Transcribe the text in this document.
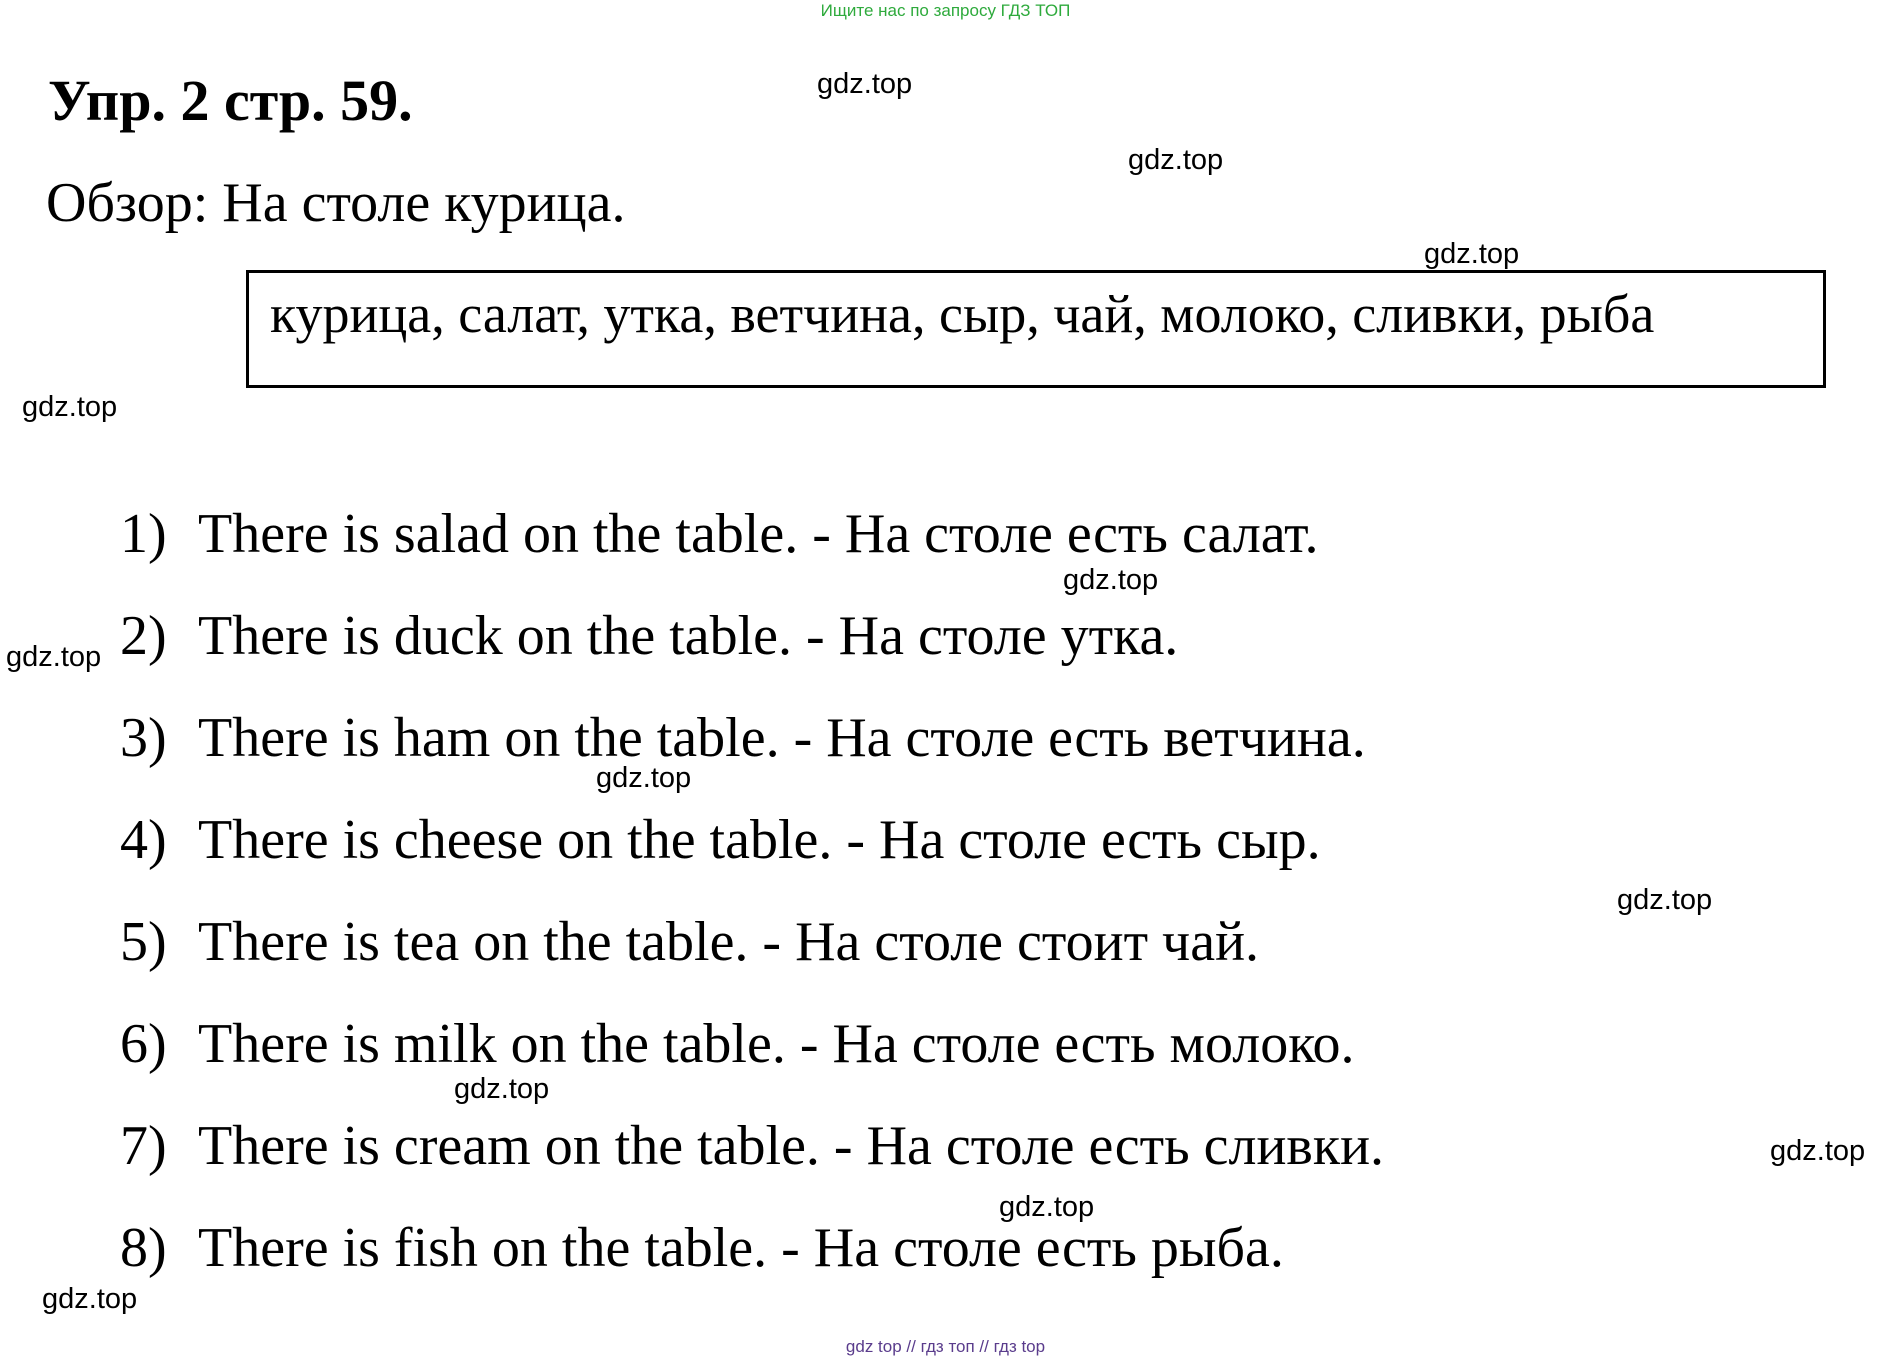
Ищите нас по запросу ГДЗ ТОП
Упр. 2 стр. 59.
Обзор: На столе курица.
курица, салат, утка, ветчина, сыр, чай, молоко, сливки, рыба
1) There is salad on the table. - На столе есть салат.
2) There is duck on the table. - На столе утка.
3) There is ham on the table. - На столе есть ветчина.
4) There is cheese on the table. - На столе есть сыр.
5) There is tea on the table. - На столе стоит чай.
6) There is milk on the table. - На столе есть молоко.
7) There is cream on the table. - На столе есть сливки.
8) There is fish on the table. - На столе есть рыба.
gdz.top
gdz.top
gdz.top
gdz.top
gdz.top
gdz.top
gdz.top
gdz.top
gdz.top
gdz.top
gdz.top
gdz.top
gdz top // гдз топ // гдз top
